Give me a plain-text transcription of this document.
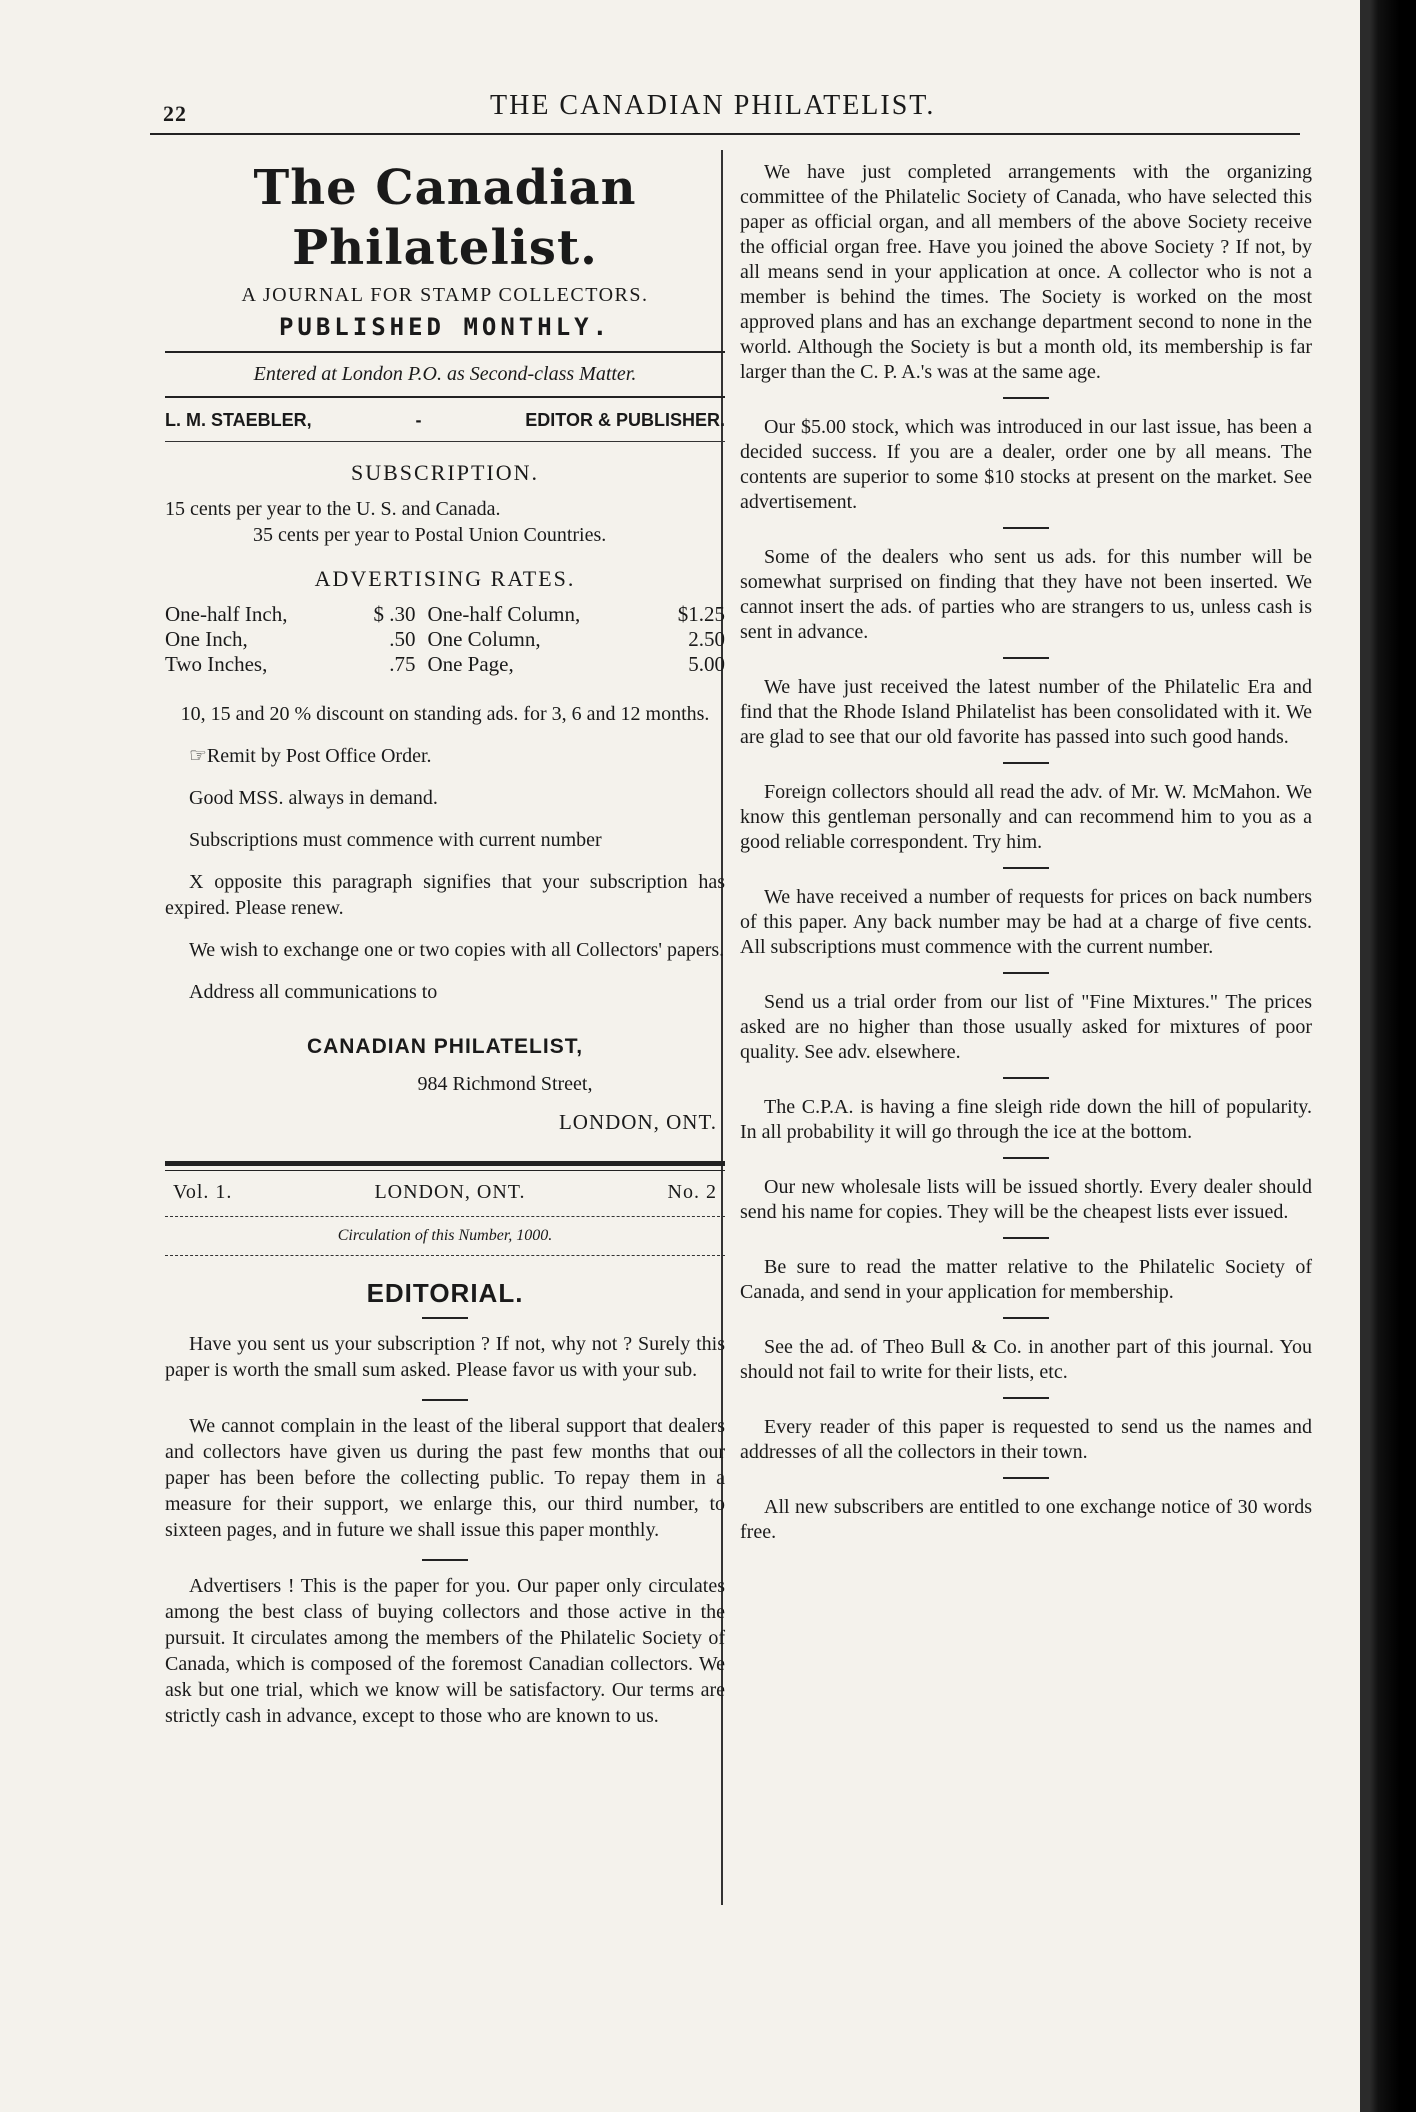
22	THE CANADIAN PHILATELIST.
The Canadian Philatelist.
A JOURNAL FOR STAMP COLLECTORS.
PUBLISHED MONTHLY.
Entered at London P.O. as Second-class Matter.
L. M. STAEBLER,	-	EDITOR & PUBLISHER.
SUBSCRIPTION.
15 cents per year to the U. S. and Canada.
35 cents per year to Postal Union Countries.
ADVERTISING RATES.
One-half Inch,	$ .30	One-half Column,	$1.25
One Inch,	.50	One Column,	2.50
Two Inches,	.75	One Page,	5.00
10, 15 and 20 % discount on standing ads. for 3, 6 and 12 months.
☞Remit by Post Office Order.
Good MSS. always in demand.
Subscriptions must commence with current number
X opposite this paragraph signifies that your subscription has expired. Please renew.
We wish to exchange one or two copies with all Collectors' papers.
Address all communications to
CANADIAN PHILATELIST,
984 Richmond Street,
LONDON, ONT.
Vol. 1.	LONDON, ONT.	No. 2
Circulation of this Number, 1000.
EDITORIAL.
Have you sent us your subscription ? If not, why not ? Surely this paper is worth the small sum asked. Please favor us with your sub.
We cannot complain in the least of the liberal support that dealers and collectors have given us during the past few months that our paper has been before the collecting public. To repay them in a measure for their support, we enlarge this, our third number, to sixteen pages, and in future we shall issue this paper monthly.
Advertisers ! This is the paper for you. Our paper only circulates among the best class of buying collectors and those active in the pursuit. It circulates among the members of the Philatelic Society of Canada, which is composed of the foremost Canadian collectors. We ask but one trial, which we know will be satisfactory. Our terms are strictly cash in advance, except to those who are known to us.
We have just completed arrangements with the organizing committee of the Philatelic Society of Canada, who have selected this paper as official organ, and all members of the above Society receive the official organ free. Have you joined the above Society ? If not, by all means send in your application at once. A collector who is not a member is behind the times. The Society is worked on the most approved plans and has an exchange department second to none in the world. Although the Society is but a month old, its membership is far larger than the C. P. A.'s was at the same age.
Our $5.00 stock, which was introduced in our last issue, has been a decided success. If you are a dealer, order one by all means. The contents are superior to some $10 stocks at present on the market. See advertisement.
Some of the dealers who sent us ads. for this number will be somewhat surprised on finding that they have not been inserted. We cannot insert the ads. of parties who are strangers to us, unless cash is sent in advance.
We have just received the latest number of the Philatelic Era and find that the Rhode Island Philatelist has been consolidated with it. We are glad to see that our old favorite has passed into such good hands.
Foreign collectors should all read the adv. of Mr. W. McMahon. We know this gentleman personally and can recommend him to you as a good reliable correspondent. Try him.
We have received a number of requests for prices on back numbers of this paper. Any back number may be had at a charge of five cents. All subscriptions must commence with the current number.
Send us a trial order from our list of "Fine Mixtures." The prices asked are no higher than those usually asked for mixtures of poor quality. See adv. elsewhere.
The C.P.A. is having a fine sleigh ride down the hill of popularity. In all probability it will go through the ice at the bottom.
Our new wholesale lists will be issued shortly. Every dealer should send his name for copies. They will be the cheapest lists ever issued.
Be sure to read the matter relative to the Philatelic Society of Canada, and send in your application for membership.
See the ad. of Theo Bull & Co. in another part of this journal. You should not fail to write for their lists, etc.
Every reader of this paper is requested to send us the names and addresses of all the collectors in their town.
All new subscribers are entitled to one exchange notice of 30 words free.
